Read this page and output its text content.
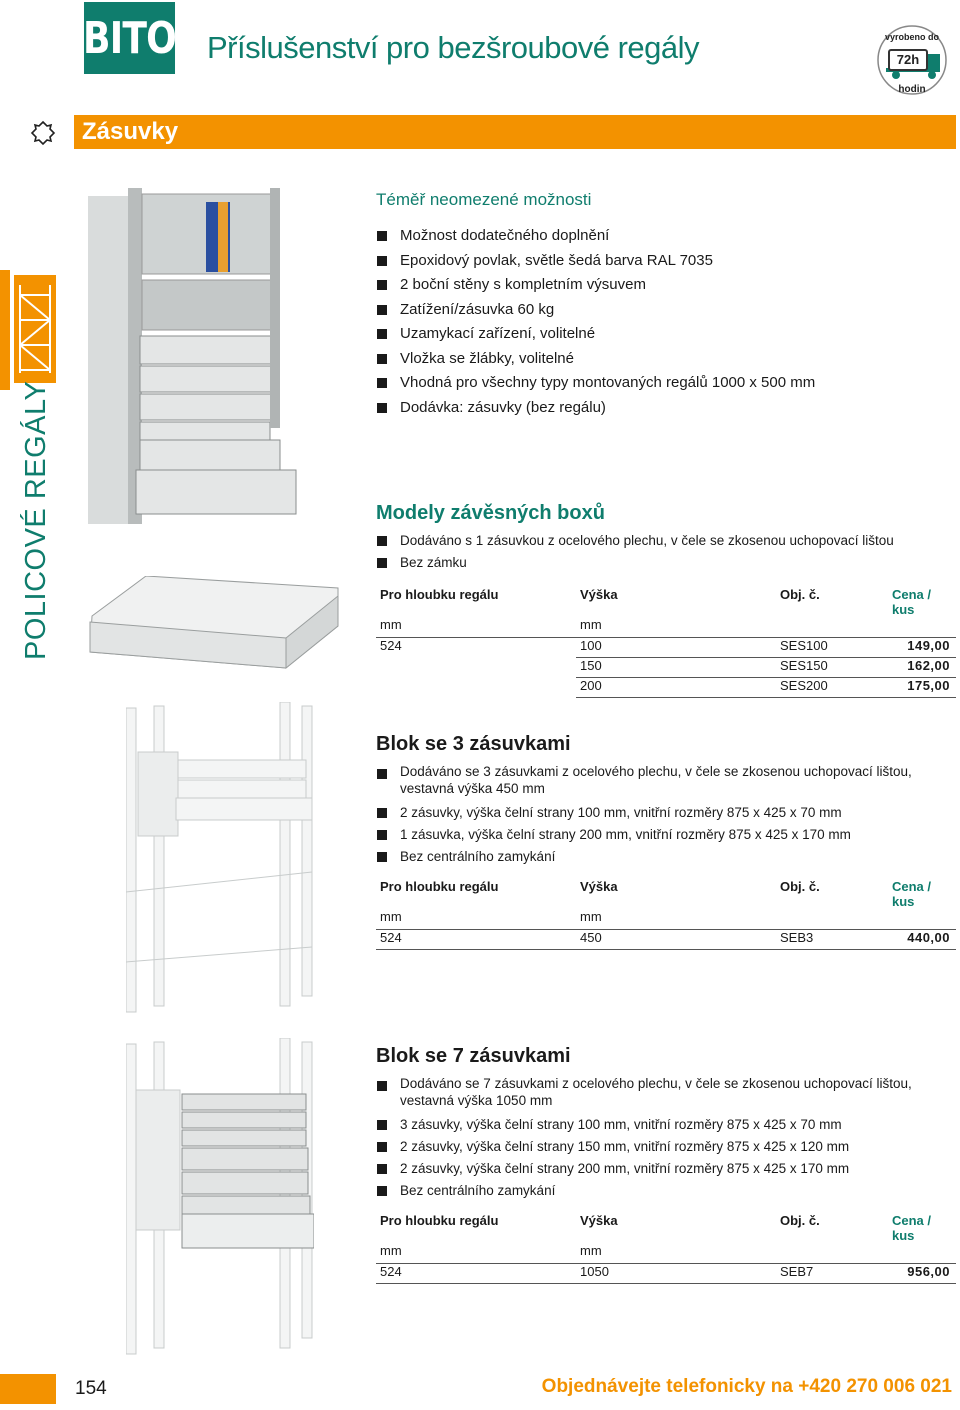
BITO Příslušenství pro bezšroubové regály	vyrobeno do
72h
hodin
Zásuvky
POLICOVÉ REGÁLY
Téměř neomezené možnosti
Možnost dodatečného doplnění
Epoxidový povlak, světle šedá barva RAL 7035
2 boční stěny s kompletním výsuvem
Zatížení/zásuvka 60 kg
Uzamykací zařízení, volitelné
Vložka se žlábky, volitelné
Vhodná pro všechny typy montovaných regálů 1000 x 500 mm
Dodávka: zásuvky (bez regálu)
Modely závěsných boxů
Dodáváno s 1 zásuvkou z ocelového plechu, v čele se zkosenou uchopovací lištou
Bez zámku
Pro hloubku regálu	Výška	Obj. č.	Cena /
kus
mm	mm		
524	100	SES100	149,00
	150	SES150	162,00
	200	SES200	175,00

Blok se 3 zásuvkami
Dodáváno se 3 zásuvkami z ocelového plechu, v čele se zkosenou uchopovací lištou, vestavná výška 450 mm
2 zásuvky, výška čelní strany 100 mm, vnitřní rozměry 875 x 425 x 70 mm
1 zásuvka, výška čelní strany 200 mm, vnitřní rozměry 875 x 425 x 170 mm
Bez centrálního zamykání
Pro hloubku regálu	Výška	Obj. č.	Cena /
kus
mm	mm		
524	450	SEB3	440,00

Blok se 7 zásuvkami
Dodáváno se 7 zásuvkami z ocelového plechu, v čele se zkosenou uchopovací lištou, vestavná výška 1050 mm
3 zásuvky, výška čelní strany 100 mm, vnitřní rozměry 875 x 425 x 70 mm
2 zásuvky, výška čelní strany 150 mm, vnitřní rozměry 875 x 425 x 120 mm
2 zásuvky, výška čelní strany 200 mm, vnitřní rozměry 875 x 425 x 170 mm
Bez centrálního zamykání
Pro hloubku regálu	Výška	Obj. č.	Cena /
kus
mm	mm		
524	1050	SEB7	956,00

154	Objednávejte telefonicky na +420 270 006 021
